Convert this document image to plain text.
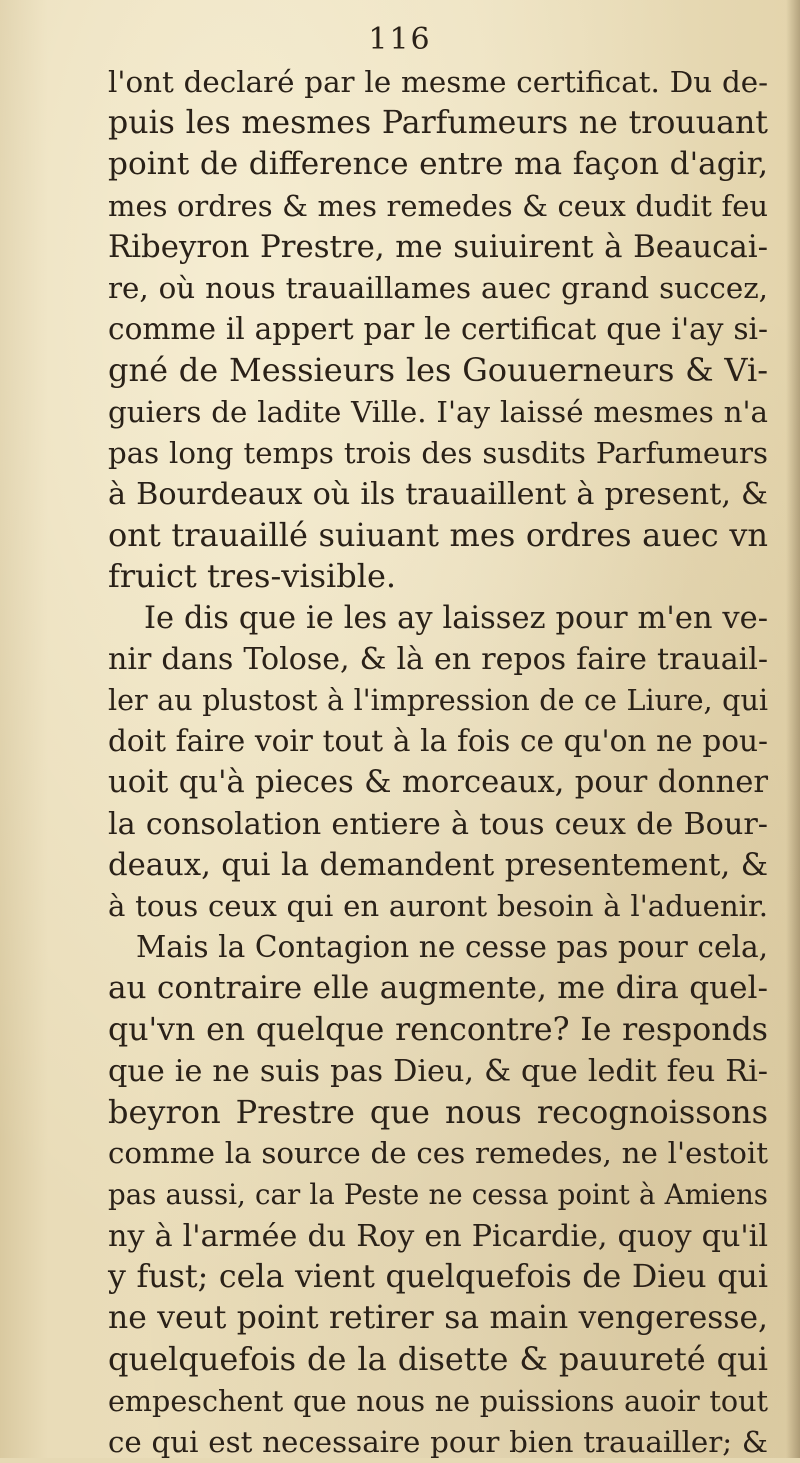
116
l'ont declaré par le mesme certificat. Du de-
puis les mesmes Parfumeurs ne trouuant
point de difference entre ma façon d'agir,
mes ordres & mes remedes & ceux dudit feu
Ribeyron Prestre, me suiuirent à Beaucai-
re, où nous trauaillames auec grand succez,
comme il appert par le certificat que i'ay si-
gné de Messieurs les Gouuerneurs & Vi-
guiers de ladite Ville. I'ay laissé mesmes n'a
pas long temps trois des susdits Parfumeurs
à Bourdeaux où ils trauaillent à present, &
ont trauaillé suiuant mes ordres auec vn
fruict tres-visible.
Ie dis que ie les ay laissez pour m'en ve-
nir dans Tolose, & là en repos faire trauail-
ler au plustost à l'impression de ce Liure, qui
doit faire voir tout à la fois ce qu'on ne pou-
uoit qu'à pieces & morceaux, pour donner
la consolation entiere à tous ceux de Bour-
deaux, qui la demandent presentement, &
à tous ceux qui en auront besoin à l'aduenir.
Mais la Contagion ne cesse pas pour cela,
au contraire elle augmente, me dira quel-
qu'vn en quelque rencontre? Ie responds
que ie ne suis pas Dieu, & que ledit feu Ri-
beyron Prestre que nous recognoissons
comme la source de ces remedes, ne l'estoit
pas aussi, car la Peste ne cessa point à Amiens
ny à l'armée du Roy en Picardie, quoy qu'il
y fust; cela vient quelquefois de Dieu qui
ne veut point retirer sa main vengeresse,
quelquefois de la disette & pauureté qui
empeschent que nous ne puissions auoir tout
ce qui est necessaire pour bien trauailler; &
